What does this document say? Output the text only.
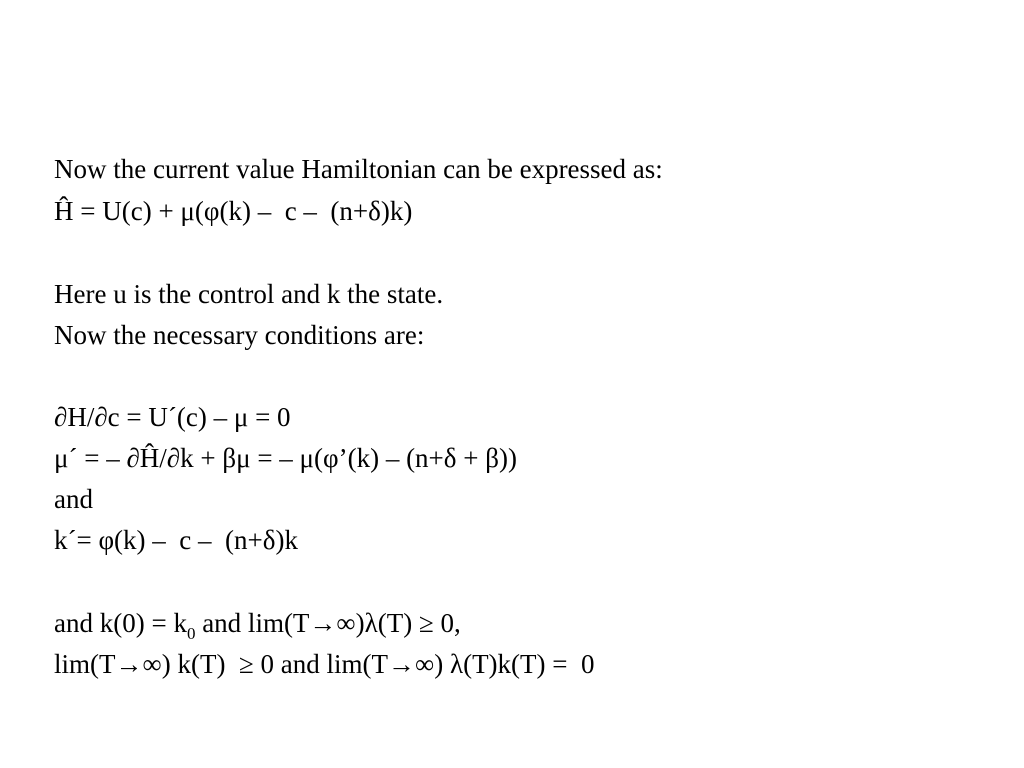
Now the current value Hamiltonian can be expressed as:
Ĥ = U(c) + μ(φ(k) –  c –  (n+δ)k)
Here u is the control and k the state.
Now the necessary conditions are:
∂H/∂c = U´(c) – μ = 0
μ´ = – ∂Ĥ/∂k + βμ = – μ(φ’(k) – (n+δ + β))
and
k´= φ(k) –  c –  (n+δ)k
and $k(0) = k_0$ and lim(T→∞)λ(T) ≥ 0,
lim(T→∞) k(T)  ≥ 0 and lim(T→∞) λ(T)k(T) =  0
